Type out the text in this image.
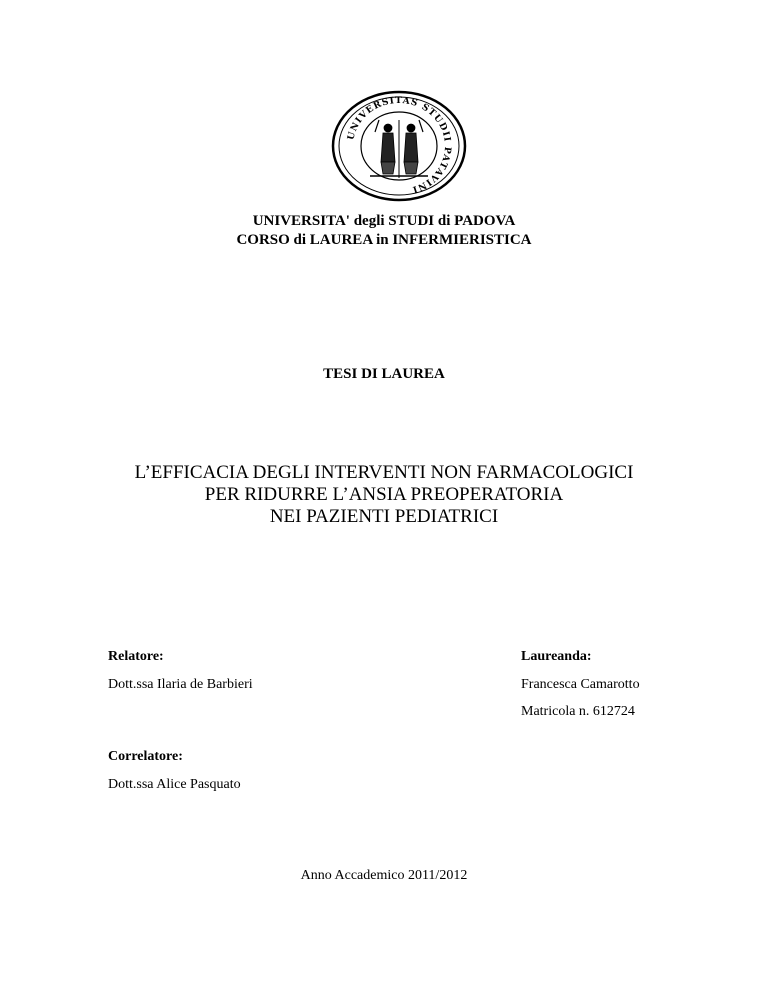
UNIVERSITAS STUDII PATAVINI
UNIVERSITA' degli STUDI di PADOVA
CORSO di LAUREA in INFERMIERISTICA
TESI DI LAUREA
L’EFFICACIA DEGLI INTERVENTI NON FARMACOLOGICI
PER RIDURRE L’ANSIA PREOPERATORIA
NEI PAZIENTI PEDIATRICI
Relatore:
Dott.ssa Ilaria de Barbieri
Laureanda:
Francesca Camarotto
Matricola n. 612724
Correlatore:
Dott.ssa Alice Pasquato
Anno Accademico 2011/2012
